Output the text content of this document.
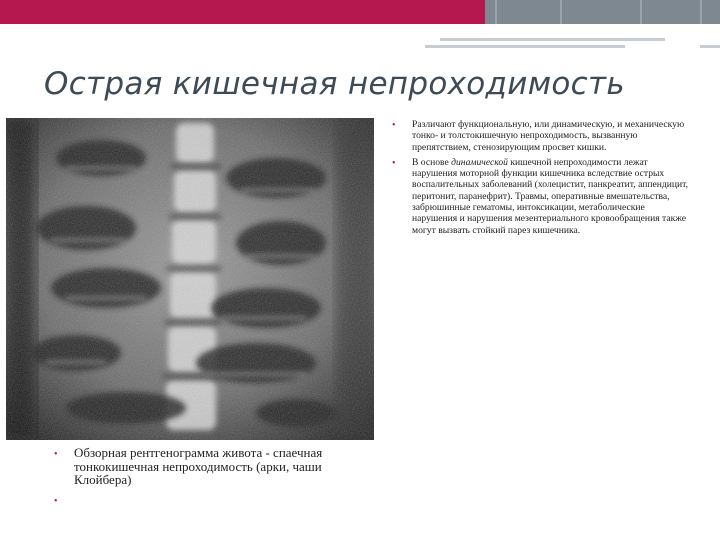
Острая кишечная непроходимость
• Различают функциональную, или динамическую, и механическую тонко- и толстокишечную непроходимость, вызванную препятствием, стенозирующим просвет кишки.
• В основе динамической кишечной непроходимости лежат нарушения моторной функции кишечника вследствие острых воспалительных заболеваний (холецистит, панкреатит, аппендицит, перитонит, паранефрит). Травмы, оперативные вмешательства, забрюшинные гематомы, интоксикации, метаболические нарушения и нарушения мезентериального кровообращения также могут вызвать стойкий парез кишечника.
• Обзорная рентгенограмма живота - спаечная тонкокишечная непроходимость (арки, чаши Клойбера)
•
